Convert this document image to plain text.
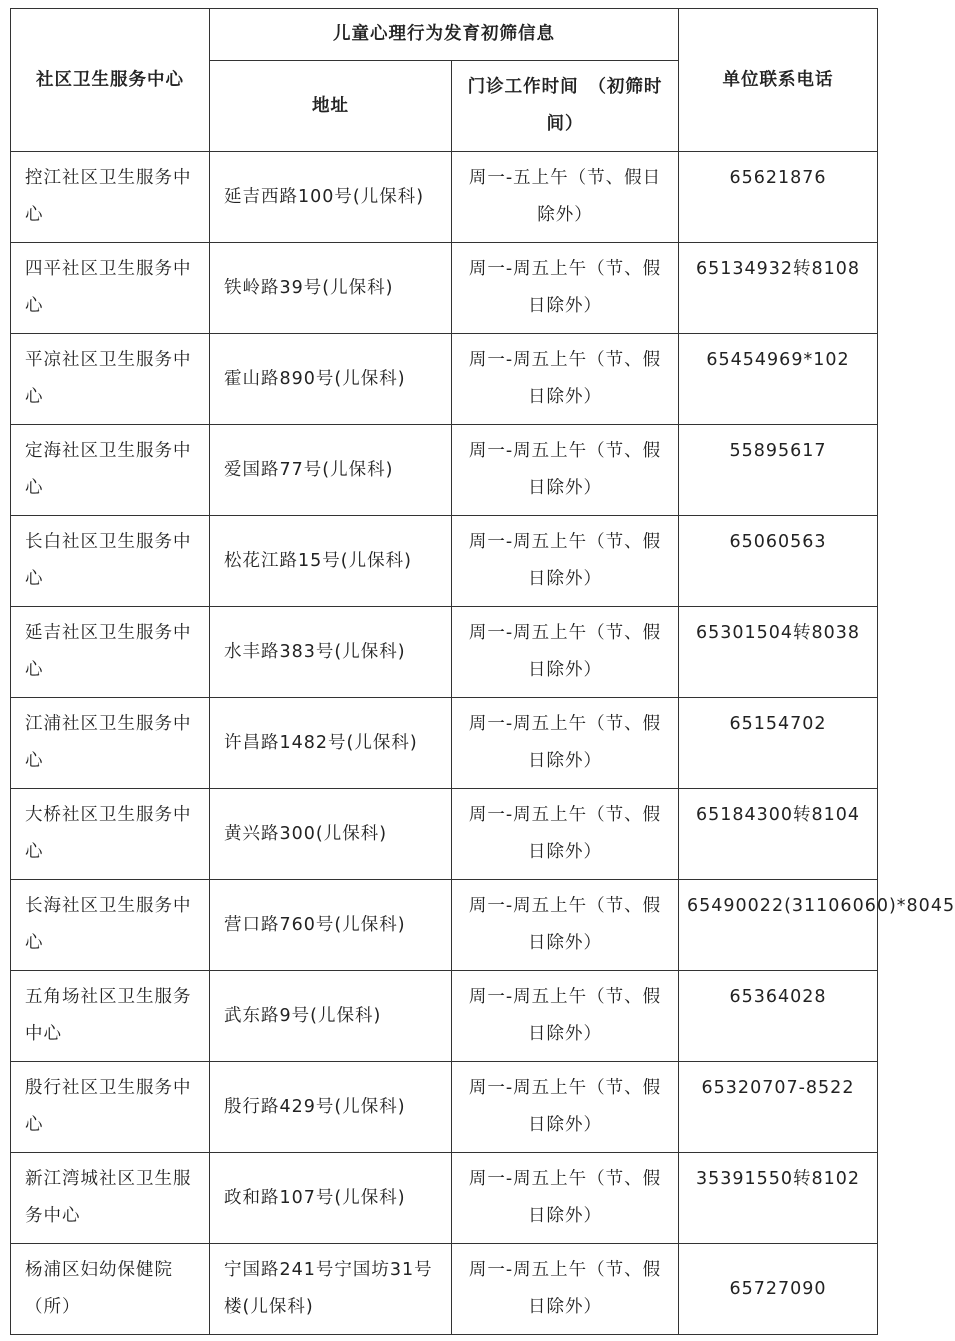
社区卫生服务中心	儿童心理行为发育初筛信息		单位联系电话
	地址	门诊工作时间　（初筛时间）	
控江社区卫生服务中心	延吉西路100号(儿保科)	周一-五上午（节、假日除外）	65621876
四平社区卫生服务中心	铁岭路39号(儿保科)	周一-周五上午（节、假日除外）	65134932转8108
平凉社区卫生服务中心	霍山路890号(儿保科)	周一-周五上午（节、假日除外）	65454969*102
定海社区卫生服务中心	爱国路77号(儿保科)	周一-周五上午（节、假日除外）	55895617
长白社区卫生服务中心	松花江路15号(儿保科)	周一-周五上午（节、假日除外）	65060563
延吉社区卫生服务中心	水丰路383号(儿保科)	周一-周五上午（节、假日除外）	65301504转8038
江浦社区卫生服务中心	许昌路1482号(儿保科)	周一-周五上午（节、假日除外）	65154702
大桥社区卫生服务中心	黄兴路300(儿保科)	周一-周五上午（节、假日除外）	65184300转8104
长海社区卫生服务中心	营口路760号(儿保科)	周一-周五上午（节、假日除外）	65490022(31106060)*8045
五角场社区卫生服务中心	武东路9号(儿保科)	周一-周五上午（节、假日除外）	65364028
殷行社区卫生服务中心	殷行路429号(儿保科)	周一-周五上午（节、假日除外）	65320707-8522
新江湾城社区卫生服务中心	政和路107号(儿保科)	周一-周五上午（节、假日除外）	35391550转8102
杨浦区妇幼保健院（所）	宁国路241号宁国坊31号楼(儿保科)	周一-周五上午（节、假日除外）	65727090
